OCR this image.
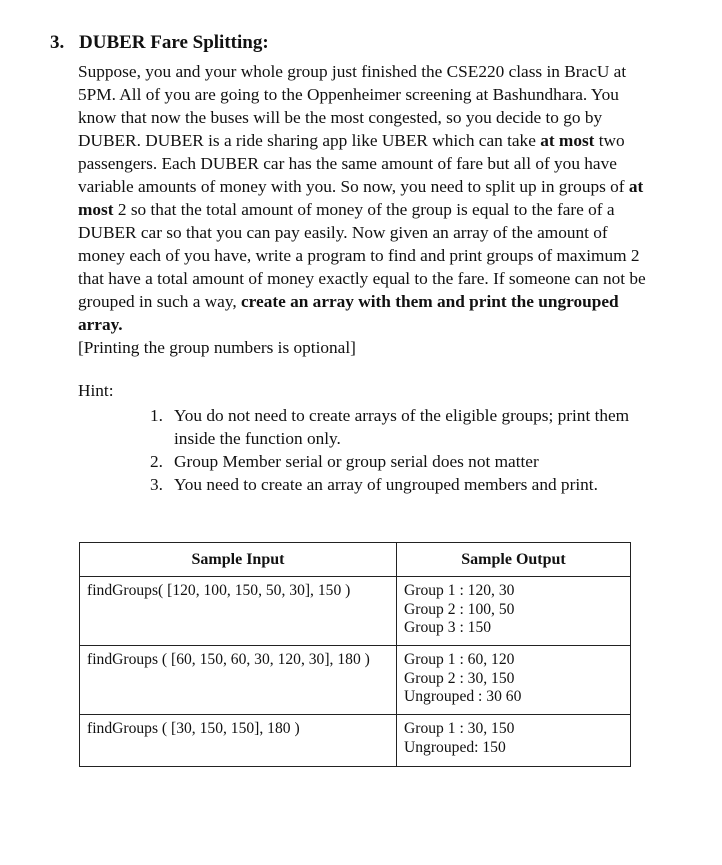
3. DUBER Fare Splitting:

Suppose, you and your whole group just finished the CSE220 class in BracU at

5PM. All of you are going to the Oppenheimer screening at Bashundhara. You

know that now the buses will be the most congested, so you decide to go by

DUBER. DUBER is a ride sharing app like UBER which can take at most two

passengers. Each DUBER car has the same amount of fare but all of you have

variable amounts of money with you. So now, you need to split up in groups of at

most 2 so that the total amount of money of the group is equal to the fare of a

DUBER car so that you can pay easily. Now given an array of the amount of

money each of you have, write a program to find and print groups of maximum 2

that have a total amount of money exactly equal to the fare. If someone can not be

grouped in such a way, create an array with them and print the ungrouped

array.

[Printing the group numbers is optional]
Hint:
1. You do not need to create arrays of the eligible groups; print them inside the function only.
2. Group Member serial or group serial does not matter
3. You need to create an array of ungrouped members and print.
Sample Input	Sample Output
findGroups( [120, 100, 150, 50, 30], 150 )	Group 1 : 120, 30
Group 2 : 100, 50
Group 3 : 150

findGroups ( [60, 150, 60, 30, 120, 30], 180 )	Group 1 : 60, 120
Group 2 : 30, 150
Ungrouped : 30 60

findGroups ( [30, 150, 150], 180 )	Group 1 : 30, 150
Ungrouped: 150
